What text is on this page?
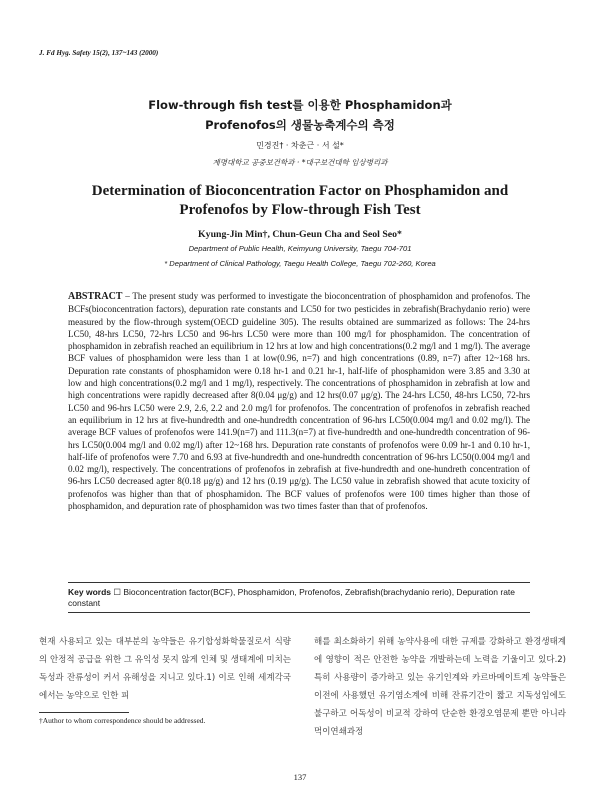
J. Fd Hyg. Safety 15(2), 137~143 (2000)
Flow-through fish test를 이용한 Phosphamidon과
Profenofos의 생물농축계수의 측정
민경진† · 차춘근 · 서 설*
계명대학교 공중보건학과 · *대구보건대학 임상병리과
Determination of Bioconcentration Factor on Phosphamidon and
Profenofos by Flow-through Fish Test
Kyung-Jin Min†, Chun-Geun Cha and Seol Seo*
Department of Public Health, Keimyung University, Taegu 704-701
* Department of Clinical Pathology, Taegu Health College, Taegu 702-260, Korea
ABSTRACT – The present study was performed to investigate the bioconcentration of phosphamidon and profenofos. The BCFs(bioconcentration factors), depuration rate constants and LC50 for two pesticides in zebrafish(Brachydanio rerio) were measured by the flow-through system(OECD guideline 305). The results obtained are summarized as follows: The 24-hrs LC50, 48-hrs LC50, 72-hrs LC50 and 96-hrs LC50 were more than 100 mg/l for phosphamidon. The concentration of phosphamidon in zebrafish reached an equilibrium in 12 hrs at low and high concentrations(0.2 mg/l and 1 mg/l). The average BCF values of phosphamidon were less than 1 at low(0.96, n=7) and high concentrations (0.89, n=7) after 12~168 hrs. Depuration rate constants of phosphamidon were 0.18 hr-1 and 0.21 hr-1, half-life of phosphamidon were 3.85 and 3.30 at low and high concentrations(0.2 mg/l and 1 mg/l), respectively. The concentrations of phosphamidon in zebrafish at low and high concentrations were rapidly decreased after 8(0.04 μg/g) and 12 hrs(0.07 μg/g). The 24-hrs LC50, 48-hrs LC50, 72-hrs LC50 and 96-hrs LC50 were 2.9, 2.6, 2.2 and 2.0 mg/l for profenofos. The concentration of profenofos in zebrafish reached an equilibrium in 12 hrs at five-hundredth and one-hundredth concentration of 96-hrs LC50(0.004 mg/l and 0.02 mg/l). The average BCF values of profenofos were 141.9(n=7) and 111.3(n=7) at five-hundredth and one-hundredth concentration of 96-hrs LC50(0.004 mg/l and 0.02 mg/l) after 12~168 hrs. Depuration rate constants of profenofos were 0.09 hr-1 and 0.10 hr-1, half-life of profenofos were 7.70 and 6.93 at five-hundredth and one-hundredth concentration of 96-hrs LC50(0.004 mg/l and 0.02 mg/l), respectively. The concentrations of profenofos in zebrafish at five-hundredth and one-hundreth concentration of 96-hrs LC50 decreased agter 8(0.18 μg/g) and 12 hrs (0.19 μg/g). The LC50 value in zebrafish showed that acute toxicity of profenofos was higher than that of phosphamidon. The BCF values of profenofos were 100 times higher than those of phosphamidon, and depuration rate of phosphamidon was two times faster than that of profenofos.
Key words ☐ Bioconcentration factor(BCF), Phosphamidon, Profenofos, Zebrafish(brachydanio rerio), Depuration rate constant
현재 사용되고 있는 대부분의 농약들은 유기합성화학물질로서 식량의 안정적 공급을 위한 그 유익성 못지 않게 인체 및 생태계에 미치는 독성과 잔류성이 커서 유해성을 지니고 있다.1) 이로 인해 세계각국에서는 농약으로 인한 피
해를 최소화하기 위해 농약사용에 대한 규제를 강화하고 환경생태계에 영향이 적은 안전한 농약을 개발하는데 노력을 기울이고 있다.2) 특히 사용량이 증가하고 있는 유기인계와 카르바메이트계 농약들은 이전에 사용했던 유기염소계에 비해 잔류기간이 짧고 지독성임에도 불구하고 어독성이 비교적 강하여 단순한 환경오염문제 뿐만 아니라 먹이연쇄과정
†Author to whom correspondence should be addressed.
137
